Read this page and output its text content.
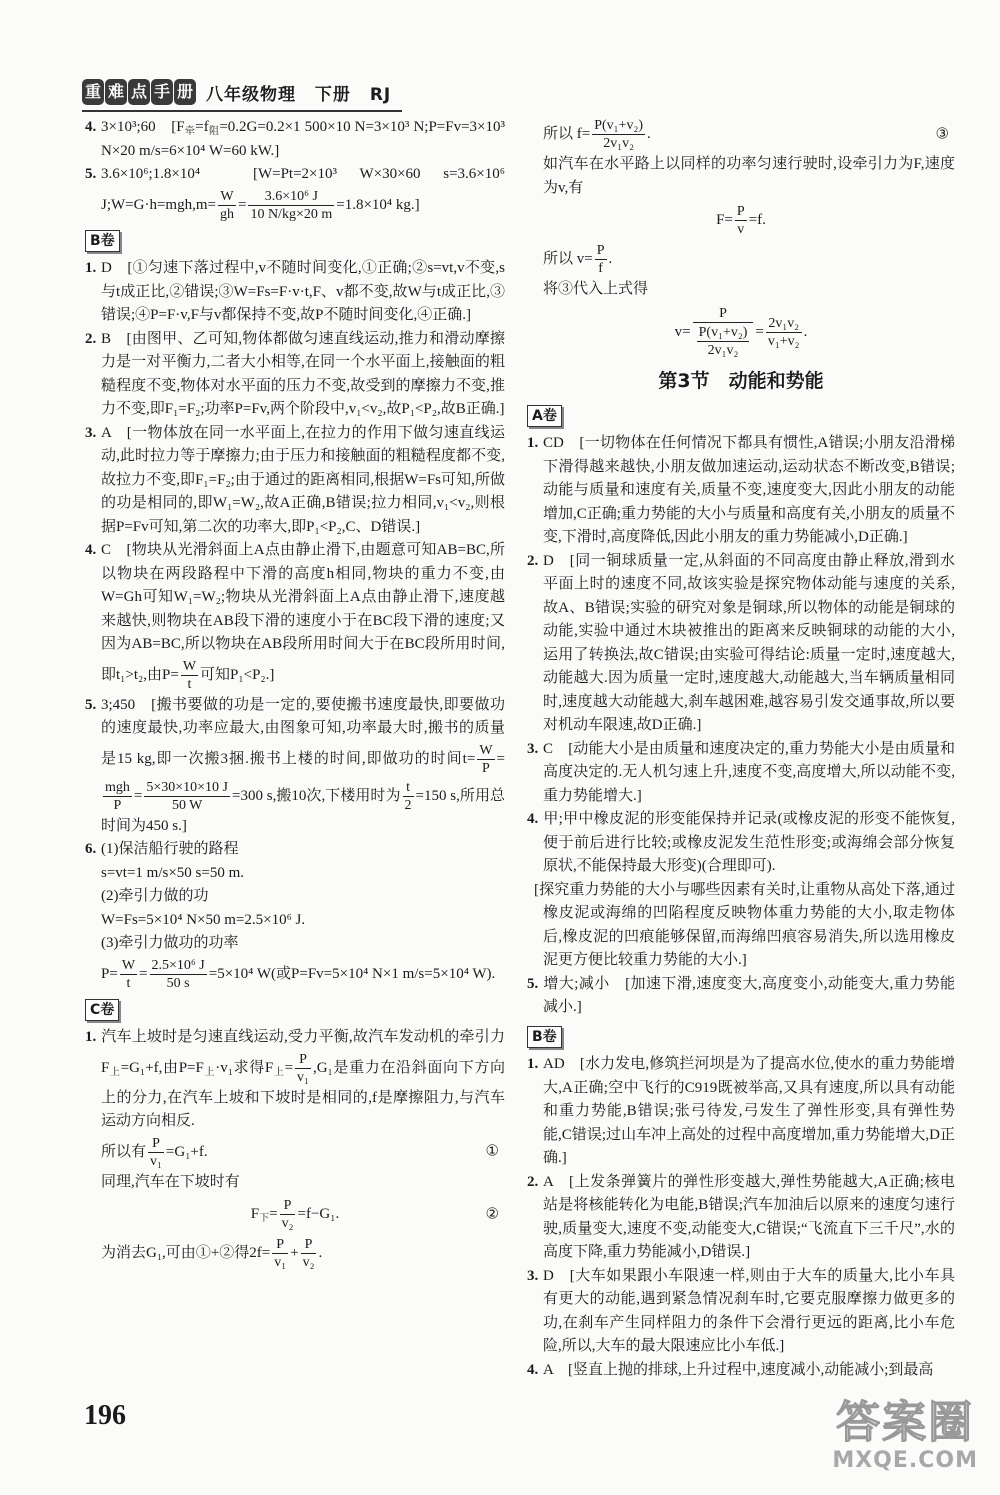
重 难 点 手 册 八年级物理 下册 RJ
4. 3×10³;60　[$F_牵=f_阻=0.2G=0.2\times 1$ 500×10 N=3×10³ N;P=Fv=3×10³ N×20 m/s=6×10⁴ W=60 kW.]
5. 3.6×10⁶;1.8×10⁴　[W=Pt=2×10³ W×30×60 s=3.6×10⁶ J;W=G·h=mgh,m= $\frac{W}{gh} = \frac{\text{3.6×10⁶ J}}{10 N/kg\times 20 m} =1.8\times 10^4$ kg.]
B卷
1. D　[①匀速下落过程中,v不随时间变化,①正确;②s=vt,v不变,s与t成正比,②错误;③W=Fs=F·v·t,F、v都不变,故W与t成正比,③错误;④P=F·v,F与v都保持不变,故P不随时间变化,④正确.]
2. B　[由图甲、乙可知,物体都做匀速直线运动,推力和滑动摩擦力是一对平衡力,二者大小相等,在同一个水平面上,接触面的粗糙程度不变,物体对水平面的压力不变,故受到的摩擦力不变,推力不变,即F₁=F₂;功率P=Fv,两个阶段中,v₁<v₂,故P₁<P₂,故B正确.]
3. A　[一物体放在同一水平面上,在拉力的作用下做匀速直线运动,此时拉力等于摩擦力;由于压力和接触面的粗糙程度都不变,故拉力不变,即F₁=F₂;由于通过的距离相同,根据W=Fs可知,所做的功是相同的,即W₁=W₂,故A正确,B错误;拉力相同,v₁<v₂,则根据P=Fv可知,第二次的功率大,即P₁<P₂,C、D错误.]
4. C　[物块从光滑斜面上A点由静止滑下,由题意可知AB=BC,所以物块在两段路程中下滑的高度h相同,物块的重力不变,由W=Gh可知W₁=W₂;物块从光滑斜面上A点由静止滑下,速度越来越快,则物块在AB段下滑的速度小于在BC段下滑的速度;又因为AB=BC,所以物块在AB段所用时间大于在BC段所用时间,即t₁>t₂,由$P= \frac{W}{t}$ 可知P₁<P₂.]
5. 3;450　[搬书要做的功是一定的,要使搬书速度最快,即要做功的速度最快,功率应最大,由图象可知,功率最大时,搬书的质量是15 kg,即一次搬3捆.搬书上楼的时间,即做功的时间$t= \frac{W}{P}$ =
$\frac{\text{mgh}}{P} = \frac{5\times 30\times 10\times 10 J}{50 W} =300$ s,搬10次,下楼用时为 $\frac{t}{2} =150$ s,所用总时间为450 s.]
6. (1)保洁船行驶的路程
s=vt=1 m/s×50 s=50 m.
(2)牵引力做的功
W=Fs=5×10⁴ N×50 m=2.5×10⁶ J.
(3)牵引力做功的功率
$P= \frac{W}{t} = \frac{\text{2.5×10⁶ J}}{50 s} =5\times 10^4$ W(或P=Fv=5×10⁴ N×1 m/s=5×10⁴ W).
C卷
1. 汽车上坡时是匀速直线运动,受力平衡,故汽车发动机的牵引力$F_上=G_1+f$,由$P=F_上\cdot v_1$求得$F_上= \frac{P}{\text{v₁}} ,G_1$是重力在沿斜面向下方向上的分力,在汽车上坡和下坡时是相同的,f是摩擦阻力,与汽车运动方向相反.
所以有 $\frac{P}{\text{v₁}} =G_1+f$.	①
同理,汽车在下坡时有
$F_下= \frac{P}{\text{v₂}} =f-G_1$.	②
为消去G₁,可由①+②得$2f= \frac{P}{\text{v₁}} + \frac{P}{\text{v₂}}$ .
所以 $f= \frac{\text{P(v₁+v₂)}}{\text{2v₁v₂}}$ .	③
如汽车在水平路上以同样的功率匀速行驶时,设牵引力为F,速度为v,有
$F= \frac{P}{v} =f$.
所以 $v= \frac{P}{f}$ .
将③代入上式得
$v= \frac{P}{\frac{\text{P(v₁+v₂)}}{\text{2v₁v₂}}} = \frac{\text{2v₁v₂}}{\text{v₁+v₂}}$ .
第3节　动能和势能
A卷
1. CD　[一切物体在任何情况下都具有惯性,A错误;小朋友沿滑梯下滑得越来越快,小朋友做加速运动,运动状态不断改变,B错误;动能与质量和速度有关,质量不变,速度变大,因此小朋友的动能增加,C正确;重力势能的大小与质量和高度有关,小朋友的质量不变,下滑时,高度降低,因此小朋友的重力势能减小,D正确.]
2. D　[同一铜球质量一定,从斜面的不同高度由静止释放,滑到水平面上时的速度不同,故该实验是探究物体动能与速度的关系,故A、B错误;实验的研究对象是铜球,所以物体的动能是铜球的动能,实验中通过木块被推出的距离来反映铜球的动能的大小,运用了转换法,故C错误;由实验可得结论:质量一定时,速度越大,动能越大.因为质量一定时,速度越大,动能越大,当车辆质量相同时,速度越大动能越大,刹车越困难,越容易引发交通事故,所以要对机动车限速,故D正确.]
3. C　[动能大小是由质量和速度决定的,重力势能大小是由质量和高度决定的.无人机匀速上升,速度不变,高度增大,所以动能不变,重力势能增大.]
4. 甲;甲中橡皮泥的形变能保持并记录(或橡皮泥的形变不能恢复,便于前后进行比较;或橡皮泥发生范性形变;或海绵会部分恢复原状,不能保持最大形变)(合理即可).
[探究重力势能的大小与哪些因素有关时,让重物从高处下落,通过橡皮泥或海绵的凹陷程度反映物体重力势能的大小,取走物体后,橡皮泥的凹痕能够保留,而海绵凹痕容易消失,所以选用橡皮泥更方便比较重力势能的大小.]
5. 增大;减小　[加速下滑,速度变大,高度变小,动能变大,重力势能减小.]
B卷
1. AD　[水力发电,修筑拦河坝是为了提高水位,使水的重力势能增大,A正确;空中飞行的C919既被举高,又具有速度,所以具有动能和重力势能,B错误;张弓待发,弓发生了弹性形变,具有弹性势能,C错误;过山车冲上高处的过程中高度增加,重力势能增大,D正确.]
2. A　[上发条弹簧片的弹性形变越大,弹性势能越大,A正确;核电站是将核能转化为电能,B错误;汽车加油后以原来的速度匀速行驶,质量变大,速度不变,动能变大,C错误;“飞流直下三千尺”,水的高度下降,重力势能减小,D错误.]
3. D　[大车如果跟小车限速一样,则由于大车的质量大,比小车具有更大的动能,遇到紧急情况刹车时,它要克服摩擦力做更多的功,在刹车产生同样阻力的条件下会滑行更远的距离,比小车危险,所以,大车的最大限速应比小车低.]
4. A　[竖直上抛的排球,上升过程中,速度减小,动能减小;到最高
196	答案圈
MXQE.COM
